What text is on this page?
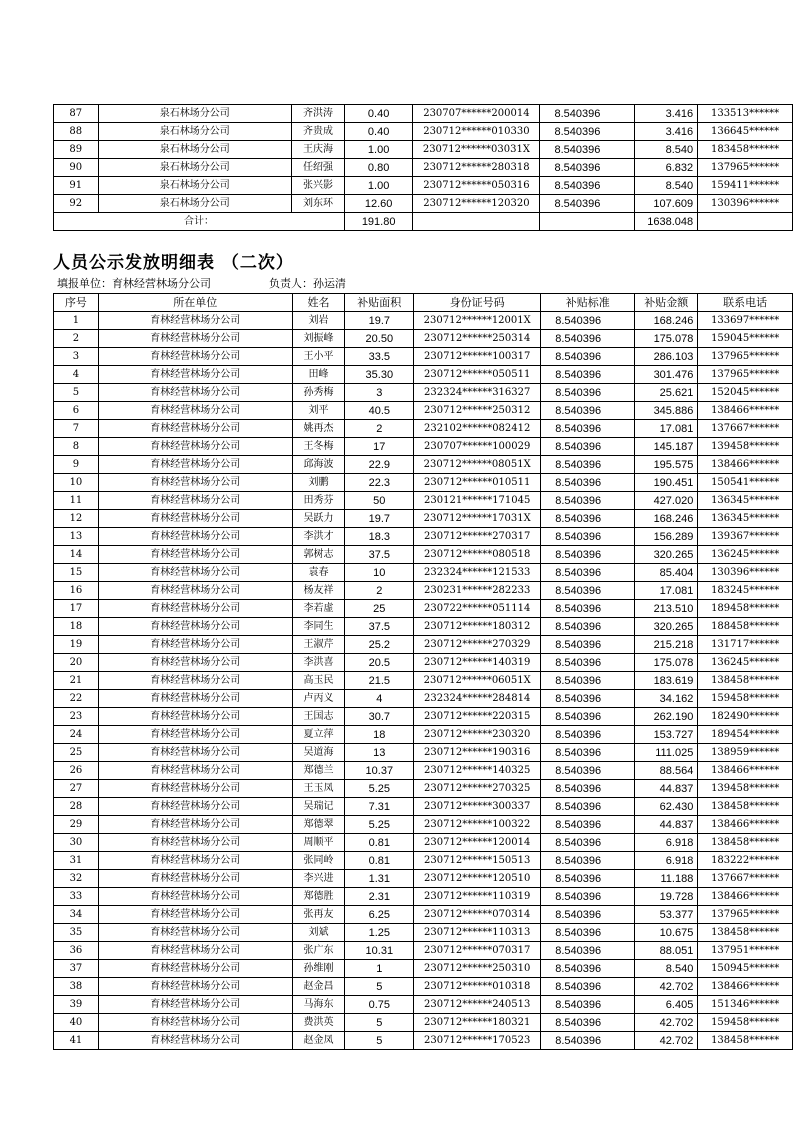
87	泉石林场分公司	齐洪涛	0.40	230707******200014	8.540396	3.416	133513******
88	泉石林场分公司	齐贵成	0.40	230712******010330	8.540396	3.416	136645******
89	泉石林场分公司	王庆海	1.00	230712******03031X	8.540396	8.540	183458******
90	泉石林场分公司	任绍强	0.80	230712******280318	8.540396	6.832	137965******
91	泉石林场分公司	张兴影	1.00	230712******050316	8.540396	8.540	159411******
92	泉石林场分公司	刘东环	12.60	230712******120320	8.540396	107.609	130396******
合计：			191.80			1638.048	
人员公示发放明细表 （二次）
填报单位：育林经营林场分公司	负责人：孙运清
序号	所在单位	姓名	补贴面积	身份证号码	补贴标准	补贴金额	联系电话
1	育林经营林场分公司	刘岩	19.7	230712******12001X	8.540396	168.246	133697******
2	育林经营林场分公司	刘振峰	20.50	230712******250314	8.540396	175.078	159045******
3	育林经营林场分公司	王小平	33.5	230712******100317	8.540396	286.103	137965******
4	育林经营林场分公司	田峰	35.30	230712******050511	8.540396	301.476	137965******
5	育林经营林场分公司	孙秀梅	3	232324******316327	8.540396	25.621	152045******
6	育林经营林场分公司	刘平	40.5	230712******250312	8.540396	345.886	138466******
7	育林经营林场分公司	姚再杰	2	232102******082412	8.540396	17.081	137667******
8	育林经营林场分公司	王冬梅	17	230707******100029	8.540396	145.187	139458******
9	育林经营林场分公司	邱海波	22.9	230712******08051X	8.540396	195.575	138466******
10	育林经营林场分公司	刘鹏	22.3	230712******010511	8.540396	190.451	150541******
11	育林经营林场分公司	田秀芬	50	230121******171045	8.540396	427.020	136345******
12	育林经营林场分公司	吴跃力	19.7	230712******17031X	8.540396	168.246	136345******
13	育林经营林场分公司	李洪才	18.3	230712******270317	8.540396	156.289	139367******
14	育林经营林场分公司	郭树志	37.5	230712******080518	8.540396	320.265	136245******
15	育林经营林场分公司	袁春	10	232324******121533	8.540396	85.404	130396******
16	育林经营林场分公司	杨友祥	2	230231******282233	8.540396	17.081	183245******
17	育林经营林场分公司	李若虚	25	230722******051114	8.540396	213.510	189458******
18	育林经营林场分公司	李同生	37.5	230712******180312	8.540396	320.265	188458******
19	育林经营林场分公司	王淑芹	25.2	230712******270329	8.540396	215.218	131717******
20	育林经营林场分公司	李洪喜	20.5	230712******140319	8.540396	175.078	136245******
21	育林经营林场分公司	高玉民	21.5	230712******06051X	8.540396	183.619	138458******
22	育林经营林场分公司	卢丙义	4	232324******284814	8.540396	34.162	159458******
23	育林经营林场分公司	王国志	30.7	230712******220315	8.540396	262.190	182490******
24	育林经营林场分公司	夏立萍	18	230712******230320	8.540396	153.727	189454******
25	育林经营林场分公司	吴道海	13	230712******190316	8.540396	111.025	138959******
26	育林经营林场分公司	郑德兰	10.37	230712******140325	8.540396	88.564	138466******
27	育林经营林场分公司	王玉凤	5.25	230712******270325	8.540396	44.837	139458******
28	育林经营林场分公司	吴瑞记	7.31	230712******300337	8.540396	62.430	138458******
29	育林经营林场分公司	郑德翠	5.25	230712******100322	8.540396	44.837	138466******
30	育林经营林场分公司	周顺平	0.81	230712******120014	8.540396	6.918	138458******
31	育林经营林场分公司	张同岭	0.81	230712******150513	8.540396	6.918	183222******
32	育林经营林场分公司	李兴进	1.31	230712******120510	8.540396	11.188	137667******
33	育林经营林场分公司	郑德胜	2.31	230712******110319	8.540396	19.728	138466******
34	育林经营林场分公司	张再友	6.25	230712******070314	8.540396	53.377	137965******
35	育林经营林场分公司	刘斌	1.25	230712******110313	8.540396	10.675	138458******
36	育林经营林场分公司	张广东	10.31	230712******070317	8.540396	88.051	137951******
37	育林经营林场分公司	孙维刚	1	230712******250310	8.540396	8.540	150945******
38	育林经营林场分公司	赵金昌	5	230712******010318	8.540396	42.702	138466******
39	育林经营林场分公司	马海东	0.75	230712******240513	8.540396	6.405	151346******
40	育林经营林场分公司	费洪英	5	230712******180321	8.540396	42.702	159458******
41	育林经营林场分公司	赵金凤	5	230712******170523	8.540396	42.702	138458******
